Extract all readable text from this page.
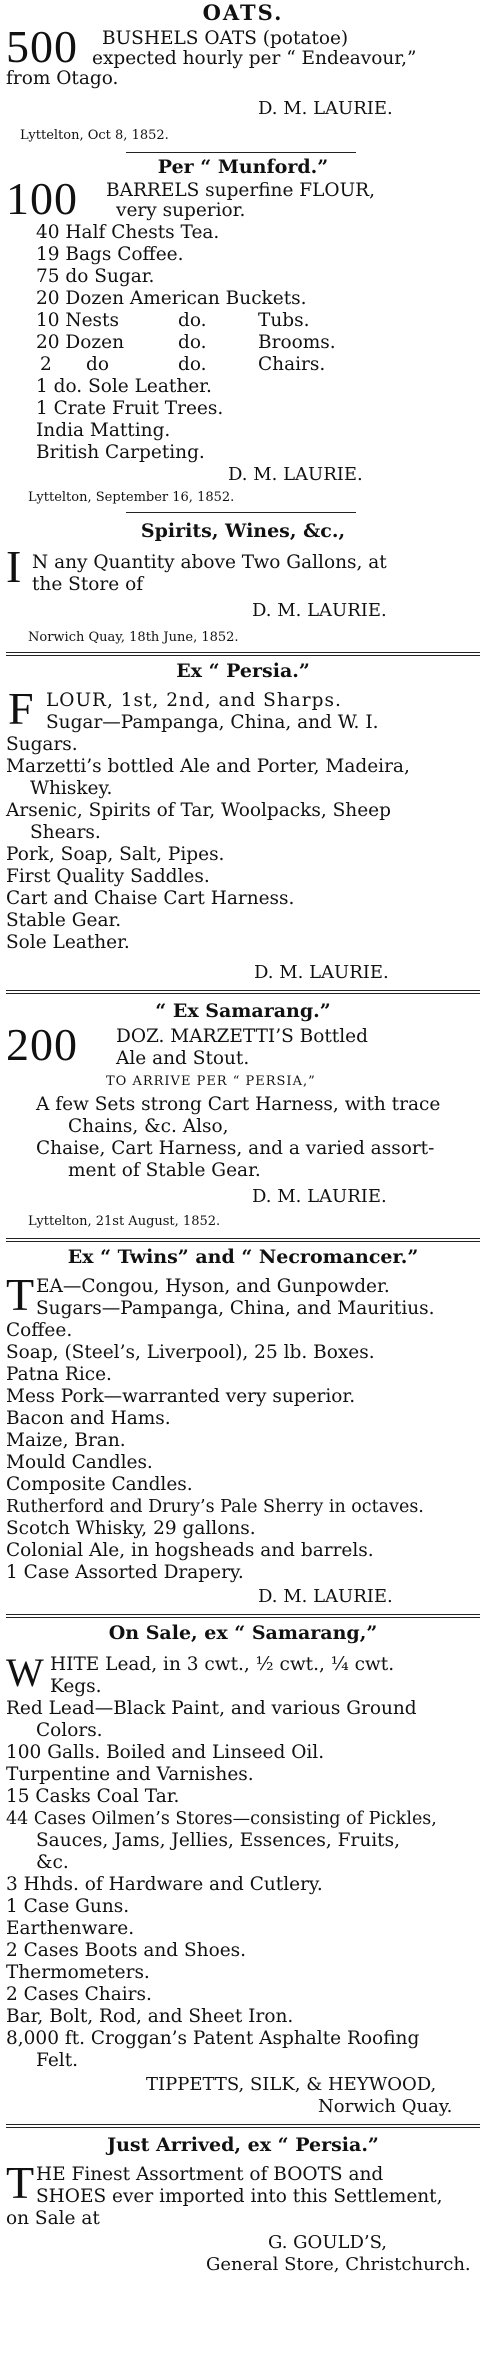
OATS.
500 BUSHELS OATS (potatoe)
expected hourly per “ Endeavour,”
from Otago.
D. M. LAURIE.
Lyttelton, Oct 8, 1852.
Per “ Munford.”
100 BARRELS superfine FLOUR,
very superior.
40 Half Chests Tea.
19 Bags Coffee.
75 do Sugar.
20 Dozen American Buckets.
10 Nests	do.	Tubs.
20 Dozen	do.	Brooms.
2 do	do.	Chairs.
1 do. Sole Leather.
1 Crate Fruit Trees.
India Matting.
British Carpeting.
D. M. LAURIE.
Lyttelton, September 16, 1852.
Spirits, Wines, &c.,
I N any Quantity above Two Gallons, at
the Store of
D. M. LAURIE.
Norwich Quay, 18th June, 1852.
Ex “ Persia.”
F LOUR, 1st, 2nd, and Sharps.
Sugar—Pampanga, China, and W. I.
Sugars.
Marzetti’s bottled Ale and Porter, Madeira,
Whiskey.
Arsenic, Spirits of Tar, Woolpacks, Sheep
Shears.
Pork, Soap, Salt, Pipes.
First Quality Saddles.
Cart and Chaise Cart Harness.
Stable Gear.
Sole Leather.
D. M. LAURIE.
“ Ex Samarang.”
200 DOZ. MARZETTI’S Bottled
Ale and Stout.
TO ARRIVE PER “ PERSIA,”
A few Sets strong Cart Harness, with trace
Chains, &c. Also,
Chaise, Cart Harness, and a varied assort-
ment of Stable Gear.
D. M. LAURIE.
Lyttelton, 21st August, 1852.
Ex “ Twins” and “ Necromancer.”
T EA—Congou, Hyson, and Gunpowder.
Sugars—Pampanga, China, and Mauritius.
Coffee.
Soap, (Steel’s, Liverpool), 25 lb. Boxes.
Patna Rice.
Mess Pork—warranted very superior.
Bacon and Hams.
Maize, Bran.
Mould Candles.
Composite Candles.
Rutherford and Drury’s Pale Sherry in octaves.
Scotch Whisky, 29 gallons.
Colonial Ale, in hogsheads and barrels.
1 Case Assorted Drapery.
D. M. LAURIE.
On Sale, ex “ Samarang,”
W HITE Lead, in 3 cwt., ½ cwt., ¼ cwt.
Kegs.
Red Lead—Black Paint, and various Ground
Colors.
100 Galls. Boiled and Linseed Oil.
Turpentine and Varnishes.
15 Casks Coal Tar.
44 Cases Oilmen’s Stores—consisting of Pickles,
Sauces, Jams, Jellies, Essences, Fruits,
&c.
3 Hhds. of Hardware and Cutlery.
1 Case Guns.
Earthenware.
2 Cases Boots and Shoes.
Thermometers.
2 Cases Chairs.
Bar, Bolt, Rod, and Sheet Iron.
8,000 ft. Croggan’s Patent Asphalte Roofing
Felt.
TIPPETTS, SILK, & HEYWOOD,
Norwich Quay.
Just Arrived, ex “ Persia.”
T HE Finest Assortment of BOOTS and
SHOES ever imported into this Settlement,
on Sale at
G. GOULD’S,
General Store, Christchurch.
